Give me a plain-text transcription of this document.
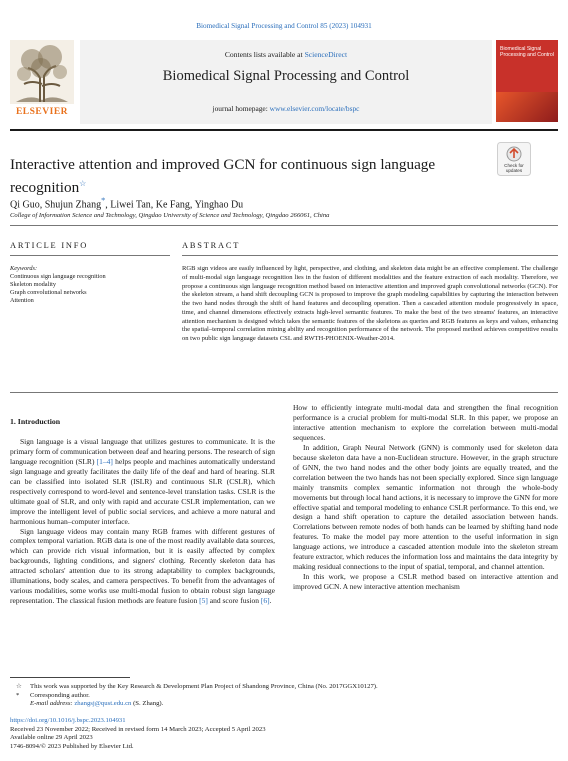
Biomedical Signal Processing and Control 85 (2023) 104931
Contents lists available at ScienceDirect
Biomedical Signal Processing and Control
journal homepage: www.elsevier.com/locate/bspc
ELSEVIER
Biomedical Signal Processing and Control
Interactive attention and improved GCN for continuous sign language recognition☆
Check for
updates
Qi Guo, Shujun Zhang*, Liwei Tan, Ke Fang, Yinghao Du
College of Information Science and Technology, Qingdao University of Science and Technology, Qingdao 266061, China
ARTICLE INFO	ABSTRACT
Keywords:
Continuous sign language recognition
Skeleton modality
Graph convolutional networks
Attention
RGB sign videos are easily influenced by light, perspective, and clothing, and skeleton data might be an effective complement. The challenge of multi-modal sign language recognition lies in the fusion of different modalities and the feature extraction of each modality. Therefore, we propose a continuous sign language recognition method based on interactive attention and improved graph convolutional networks (GCN). For the skeleton stream, a hand shift decoupling GCN is proposed to improve the graph modeling capabilities by capturing the interaction between the two hand nodes through the shift of hand features and decoupling operation. Then a cascaded attention module progressively in space, time, and channel dimensions effectively extracts high-level semantic features. To make the best of the two streams' features, an interactive attention mechanism is designed which takes the semantic features of the skeletons as queries and RGB features as keys and values, enhancing the spatial–temporal correlation mining ability and recognition performance of the network. The proposed method achieves competitive results on two public sign language datasets CSL and RWTH-PHOENIX-Weather-2014.
1. Introduction

Sign language is a visual language that utilizes gestures to communicate. It is the primary form of communication between deaf and hearing persons. The research of sign language recognition (SLR) [1–4] helps people and machines automatically understand sign language and greatly facilitates the daily life of the deaf and hard of hearing. SLR can be classified into isolated SLR (ISLR) and continuous SLR (CSLR), which respectively correspond to word-level and sentence-level translation tasks. CSLR is the ultimate goal of SLR, and only with rapid and accurate CSLR implementation, can we improve the intelligent level of public social services, and achieve a more natural and harmonious human–computer interface.

Sign language videos may contain many RGB frames with different gestures of complex temporal variation. RGB data is one of the most readily available data sources, which can provide rich visual information, but it is easily affected by complex backgrounds, lighting conditions, and signers' clothing. Recently skeleton data has attracted scholars' attention due to its strong adaptability to complex backgrounds, illuminations, body scales, and camera perspectives. To benefit from the advantages of various modalities, some works use multi-modal fusion to obtain robust sign language representation. The classical fusion methods are feature fusion [5] and score fusion [6].

How to efficiently integrate multi-modal data and strengthen the final recognition performance is a crucial problem for multi-modal SLR. In this paper, we propose an interactive attention mechanism to explore the correlation between multi-modal sequences.

In addition, Graph Neural Network (GNN) is commonly used for skeleton data because skeleton data have a non-Euclidean structure. However, in the graph structure of GNN, the two hand nodes and the other body joints are equally treated, and the correlation between the two hands has not been specially explored. Since sign language mainly transmits complex semantic information not through the whole-body movements but through local hand actions, it is necessary to improve the GNN for more effective spatial and temporal modeling to enhance CSLR performance. To this end, we design a hand shift operation to capture the detailed association between hands. Correlations between remote nodes of both hands can be learned by shifting hand node features. To make the model pay more attention to the useful information in sign language actions, we introduce a cascaded attention module into the skeleton stream feature extractor, which reduces the information loss and maintains the data integrity by making residual connections to the input of spatial, temporal, and channel attention.

In this work, we propose a CSLR method based on interactive attention and improved GCN. A new interactive attention mechanism

☆ This work was supported by the Key Research & Development Plan Project of Shandong Province, China (No. 2017GGX10127).
* Corresponding author.
E-mail address: zhangsj@qust.edu.cn (S. Zhang).
https://doi.org/10.1016/j.bspc.2023.104931
Received 23 November 2022; Received in revised form 14 March 2023; Accepted 5 April 2023
Available online 29 April 2023
1746-8094/© 2023 Published by Elsevier Ltd.
